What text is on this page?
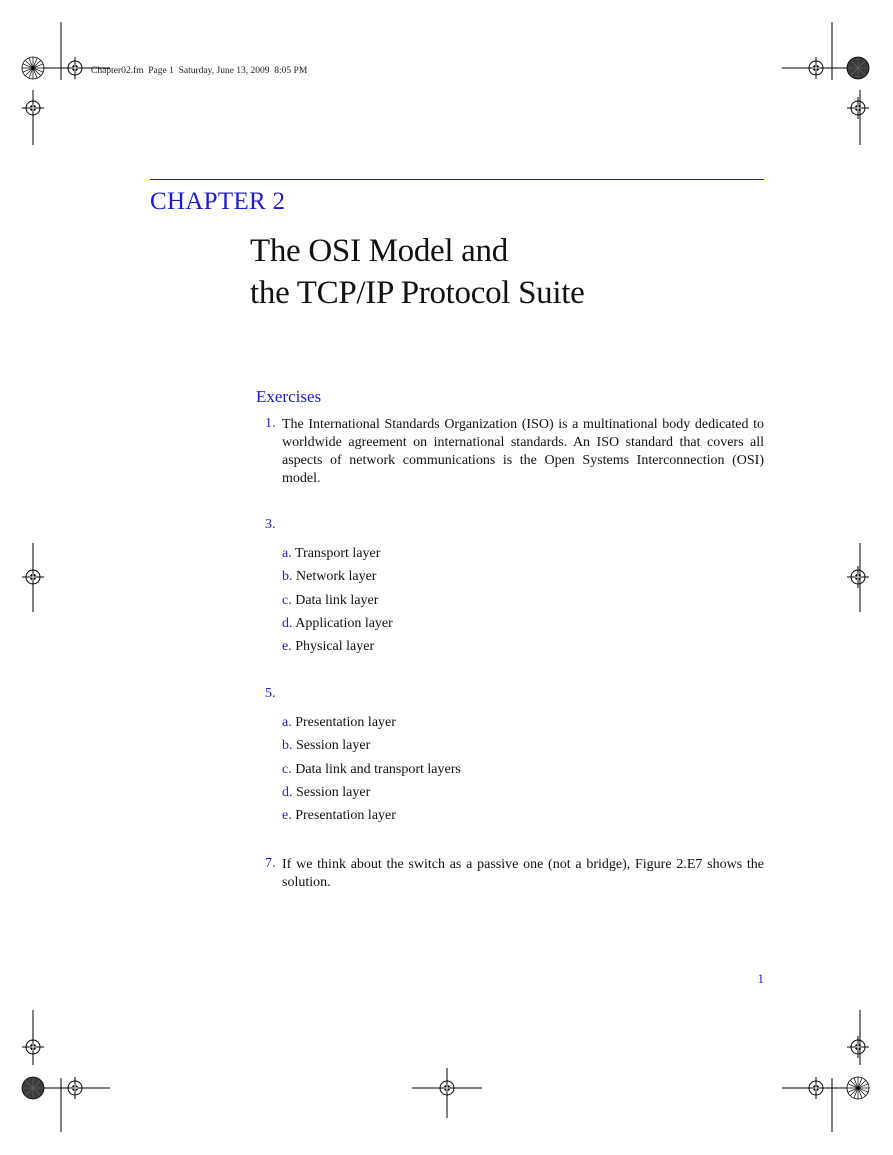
Chapter02.fm  Page 1  Saturday, June 13, 2009  8:05 PM
CHAPTER 2
The OSI Model and
the TCP/IP Protocol Suite
Exercises
1. The International Standards Organization (ISO) is a multinational body dedicated to worldwide agreement on international standards. An ISO standard that covers all aspects of network communications is the Open Systems Interconnection (OSI) model.
3.
a. Transport layer
b. Network layer
c. Data link layer
d. Application layer
e. Physical layer
5.
a. Presentation layer
b. Session layer
c. Data link and transport layers
d. Session layer
e. Presentation layer
7. If we think about the switch as a passive one (not a bridge), Figure 2.E7 shows the solution.
1
